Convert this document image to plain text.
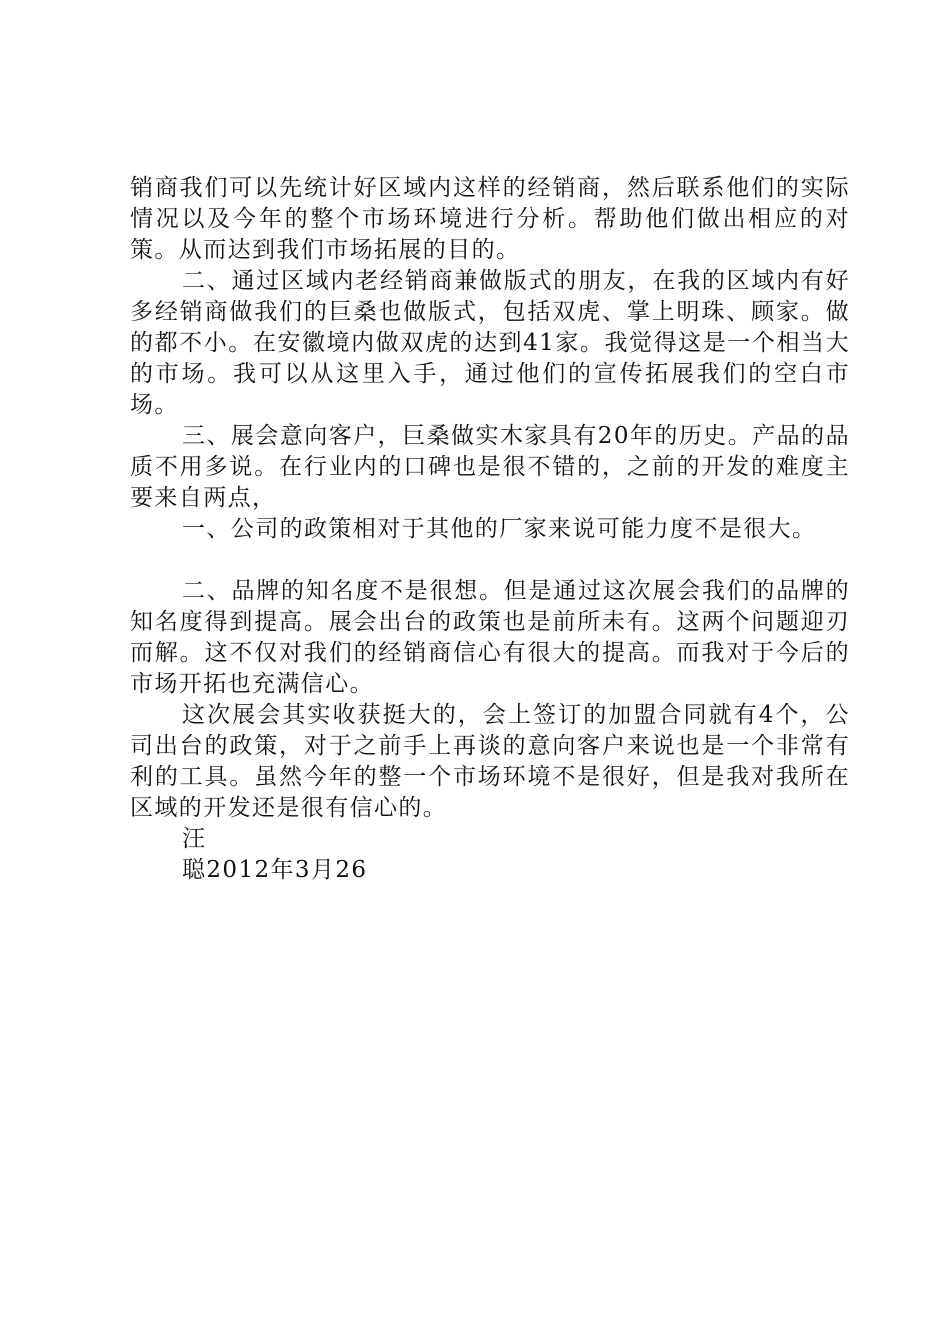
销商我们可以先统计好区域内这样的经销商，然后联系他们的实际情况以及今年的整个市场环境进行分析。帮助他们做出相应的对策。从而达到我们市场拓展的目的。

二、通过区域内老经销商兼做版式的朋友，在我的区域内有好多经销商做我们的巨桑也做版式，包括双虎、掌上明珠、顾家。做的都不小。在安徽境内做双虎的达到41家。我觉得这是一个相当大的市场。我可以从这里入手，通过他们的宣传拓展我们的空白市场。

三、展会意向客户，巨桑做实木家具有20年的历史。产品的品质不用多说。在行业内的口碑也是很不错的，之前的开发的难度主要来自两点，

一、公司的政策相对于其他的厂家来说可能力度不是很大。

二、品牌的知名度不是很想。但是通过这次展会我们的品牌的知名度得到提高。展会出台的政策也是前所未有。这两个问题迎刃而解。这不仅对我们的经销商信心有很大的提高。而我对于今后的市场开拓也充满信心。

这次展会其实收获挺大的，会上签订的加盟合同就有4个，公司出台的政策，对于之前手上再谈的意向客户来说也是一个非常有利的工具。虽然今年的整一个市场环境不是很好，但是我对我所在区域的开发还是很有信心的。

汪

聪2012年3月26
